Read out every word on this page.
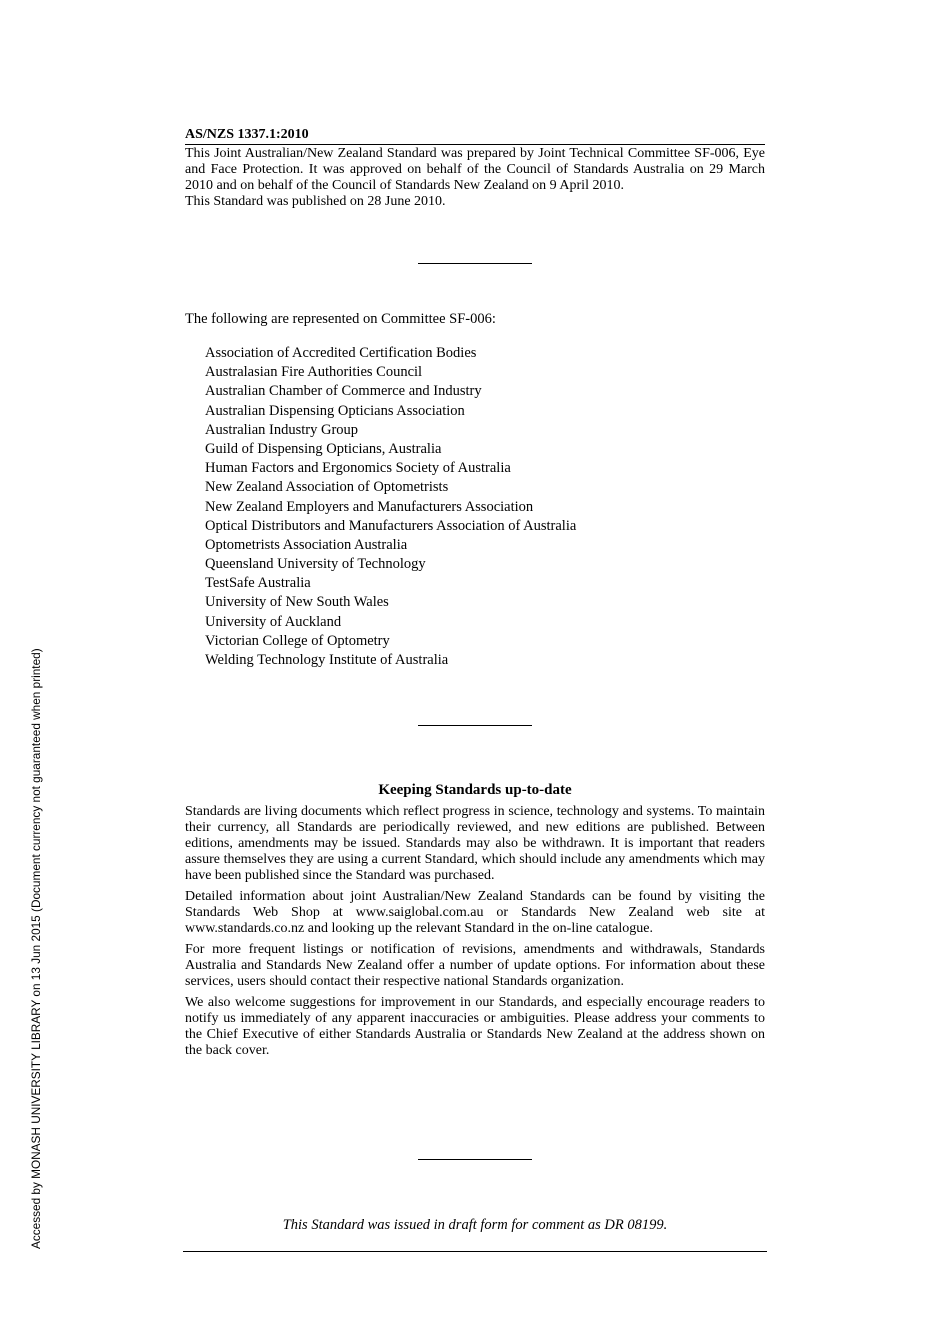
AS/NZS 1337.1:2010

This Joint Australian/New Zealand Standard was prepared by Joint Technical Committee SF-006, Eye and Face Protection. It was approved on behalf of the Council of Standards Australia on 29 March 2010 and on behalf of the Council of Standards New Zealand on 9 April 2010.

This Standard was published on 28 June 2010.

The following are represented on Committee SF-006:
Association of Accredited Certification Bodies
Australasian Fire Authorities Council
Australian Chamber of Commerce and Industry
Australian Dispensing Opticians Association
Australian Industry Group
Guild of Dispensing Opticians, Australia
Human Factors and Ergonomics Society of Australia
New Zealand Association of Optometrists
New Zealand Employers and Manufacturers Association
Optical Distributors and Manufacturers Association of Australia
Optometrists Association Australia
Queensland University of Technology
TestSafe Australia
University of New South Wales
University of Auckland
Victorian College of Optometry
Welding Technology Institute of Australia
Keeping Standards up-to-date

Standards are living documents which reflect progress in science, technology and systems. To maintain their currency, all Standards are periodically reviewed, and new editions are published. Between editions, amendments may be issued. Standards may also be withdrawn. It is important that readers assure themselves they are using a current Standard, which should include any amendments which may have been published since the Standard was purchased.

Detailed information about joint Australian/New Zealand Standards can be found by visiting the Standards Web Shop at www.saiglobal.com.au or Standards New Zealand web site at www.standards.co.nz and looking up the relevant Standard in the on-line catalogue.

For more frequent listings or notification of revisions, amendments and withdrawals, Standards Australia and Standards New Zealand offer a number of update options. For information about these services, users should contact their respective national Standards organization.

We also welcome suggestions for improvement in our Standards, and especially encourage readers to notify us immediately of any apparent inaccuracies or ambiguities. Please address your comments to the Chief Executive of either Standards Australia or Standards New Zealand at the address shown on the back cover.

This Standard was issued in draft form for comment as DR 08199.
Accessed by MONASH UNIVERSITY LIBRARY on 13 Jun 2015 (Document currency not guaranteed when printed)
